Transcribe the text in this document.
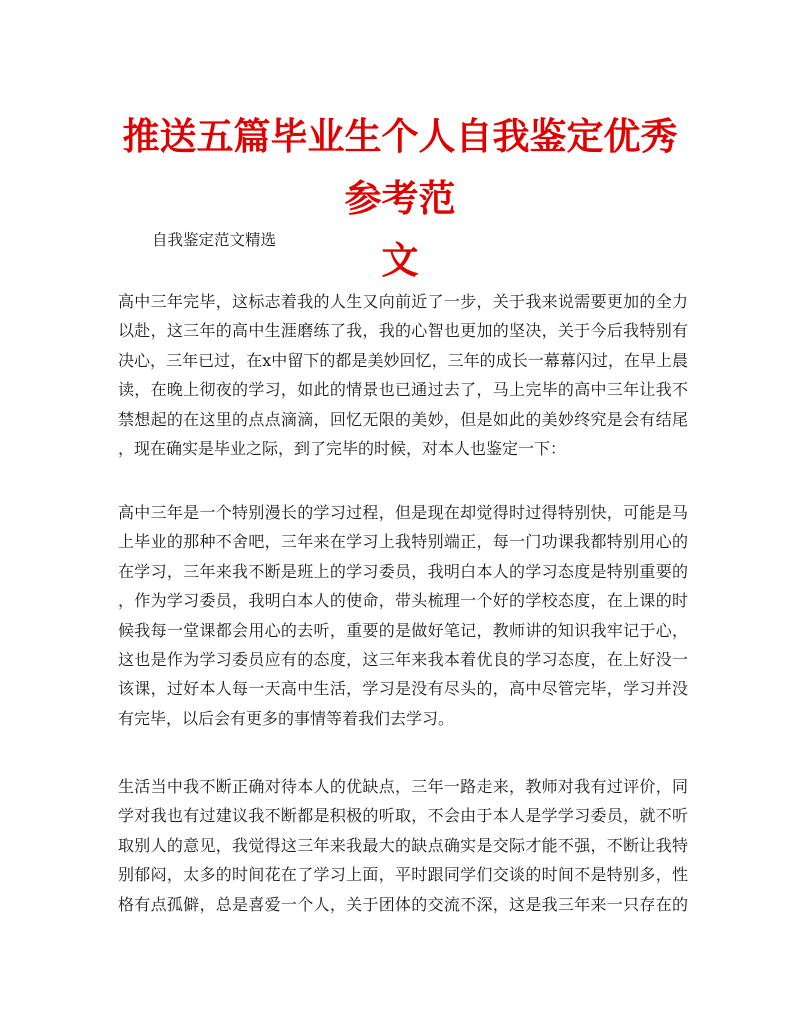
推送五篇毕业生个人自我鉴定优秀参考范
文

自我鉴定范文精选

高中三年完毕，这标志着我的人生又向前近了一步，关于我来说需要更加的全力
以赴，这三年的高中生涯磨练了我，我的心智也更加的坚决，关于今后我特别有
决心，三年已过，在x中留下的都是美妙回忆，三年的成长一幕幕闪过，在早上晨
读，在晚上彻夜的学习，如此的情景也已通过去了，马上完毕的高中三年让我不
禁想起的在这里的点点滴滴，回忆无限的美妙，但是如此的美妙终究是会有结尾
，现在确实是毕业之际，到了完毕的时候，对本人也鉴定一下：
高中三年是一个特别漫长的学习过程，但是现在却觉得时过得特别快，可能是马
上毕业的那种不舍吧，三年来在学习上我特别端正，每一门功课我都特别用心的
在学习，三年来我不断是班上的学习委员，我明白本人的学习态度是特别重要的
，作为学习委员，我明白本人的使命，带头梳理一个好的学校态度，在上课的时
候我每一堂课都会用心的去听，重要的是做好笔记，教师讲的知识我牢记于心，
这也是作为学习委员应有的态度，这三年来我本着优良的学习态度，在上好没一
该课，过好本人每一天高中生活，学习是没有尽头的，高中尽管完毕，学习并没
有完毕，以后会有更多的事情等着我们去学习。
生活当中我不断正确对待本人的优缺点，三年一路走来，教师对我有过评价，同
学对我也有过建议我不断都是积极的听取，不会由于本人是学学习委员，就不听
取别人的意见，我觉得这三年来我最大的缺点确实是交际才能不强，不断让我特
别郁闷，太多的时间花在了学习上面，平时跟同学们交谈的时间不是特别多，性
格有点孤僻，总是喜爱一个人，关于团体的交流不深，这是我三年来一只存在的
